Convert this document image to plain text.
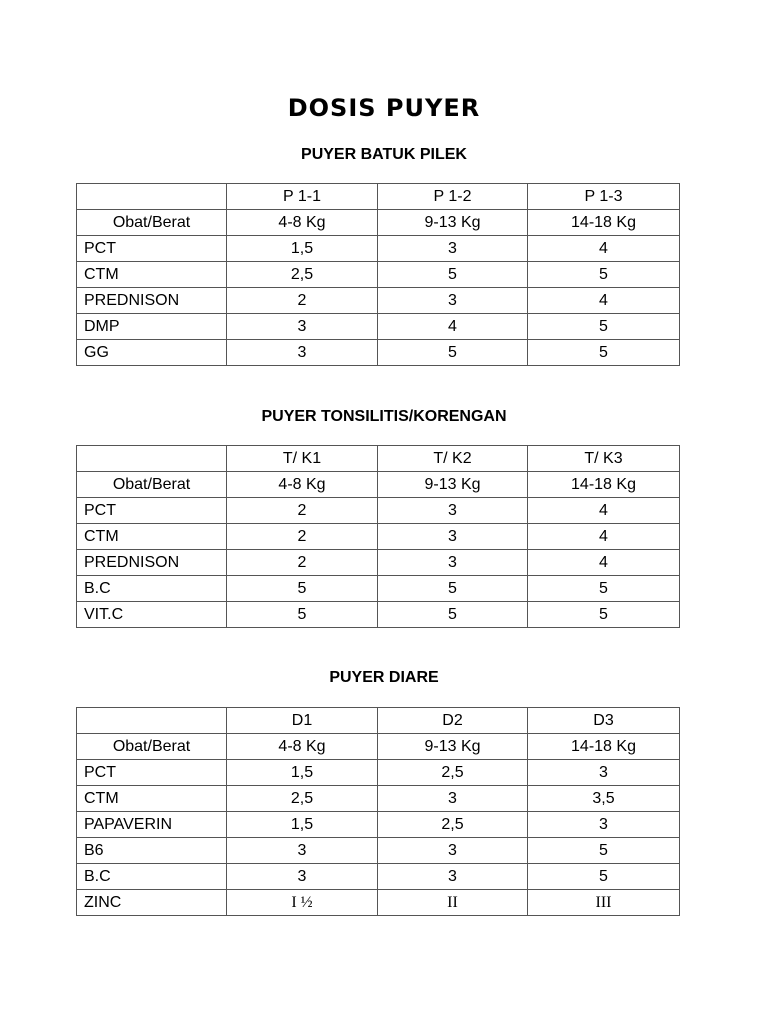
DOSIS PUYER
PUYER BATUK PILEK
	P 1-1	P 1-2	P 1-3
Obat/Berat	4-8 Kg	9-13 Kg	14-18 Kg
PCT	1,5	3	4
CTM	2,5	5	5
PREDNISON	2	3	4
DMP	3	4	5
GG	3	5	5
PUYER TONSILITIS/KORENGAN
	T/ K1	T/ K2	T/ K3
Obat/Berat	4-8 Kg	9-13 Kg	14-18 Kg
PCT	2	3	4
CTM	2	3	4
PREDNISON	2	3	4
B.C	5	5	5
VIT.C	5	5	5
PUYER DIARE
	D1	D2	D3
Obat/Berat	4-8 Kg	9-13 Kg	14-18 Kg
PCT	1,5	2,5	3
CTM	2,5	3	3,5
PAPAVERIN	1,5	2,5	3
B6	3	3	5
B.C	3	3	5
ZINC	I ½	II	III
